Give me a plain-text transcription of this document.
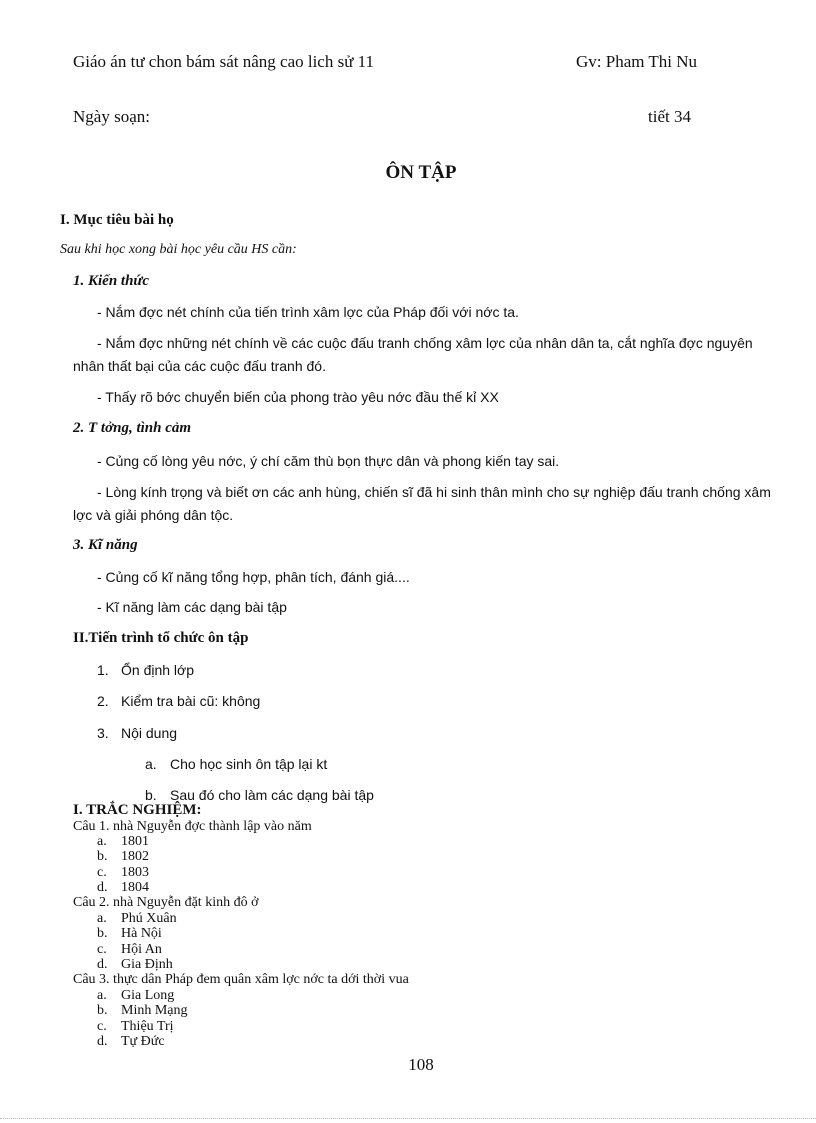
Giáo án tư chon bám sát nâng cao lich sử 11	Gv: Pham Thi Nu
Ngày soạn:	tiết 34
ÔN TẬP
I. Mục tiêu bài họ
Sau khi học xong bài học yêu cầu HS cần:
1. Kiến thức
- Nắm đợc nét chính của tiến trình xâm lợc của Pháp đối với nớc ta.
- Nắm đợc những nét chính về các cuộc đấu tranh chống xâm lợc của nhân dân ta, cắt nghĩa đợc nguyên nhân thất bại của các cuộc đấu tranh đó.
- Thấy rõ bớc chuyển biến của phong trào yêu nớc đầu thế kỉ XX
2. T tởng, tình cảm
- Củng cố lòng yêu nớc, ý chí căm thù bọn thực dân và phong kiến tay sai.
- Lòng kính trọng và biết ơn các anh hùng, chiến sĩ đã hi sinh thân mình cho sự nghiệp đấu tranh chống xâm lợc và giải phóng dân tộc.
3. Kĩ năng
- Củng cố kĩ năng tổng hợp, phân tích, đánh giá....
- Kĩ năng làm các dạng bài tập
II.Tiến trình tổ chức ôn tập
1. Ổn định lớp
2. Kiểm tra bài cũ: không
3. Nội dung
a. Cho học sinh ôn tập lại kt
b. Sau đó cho làm các dạng bài tập
I. TRẮC NGHIỆM:
Câu 1. nhà Nguyễn đợc thành lập vào năm
a. 1801
b. 1802
c. 1803
d. 1804
Câu 2. nhà Nguyễn đặt kinh đô ở
a. Phú Xuân
b. Hà Nội
c. Hội An
d. Gia Định
Câu 3. thực dân Pháp đem quân xâm lợc nớc ta dới thời vua
a. Gia Long
b. Minh Mạng
c. Thiệu Trị
d. Tự Đức
108
